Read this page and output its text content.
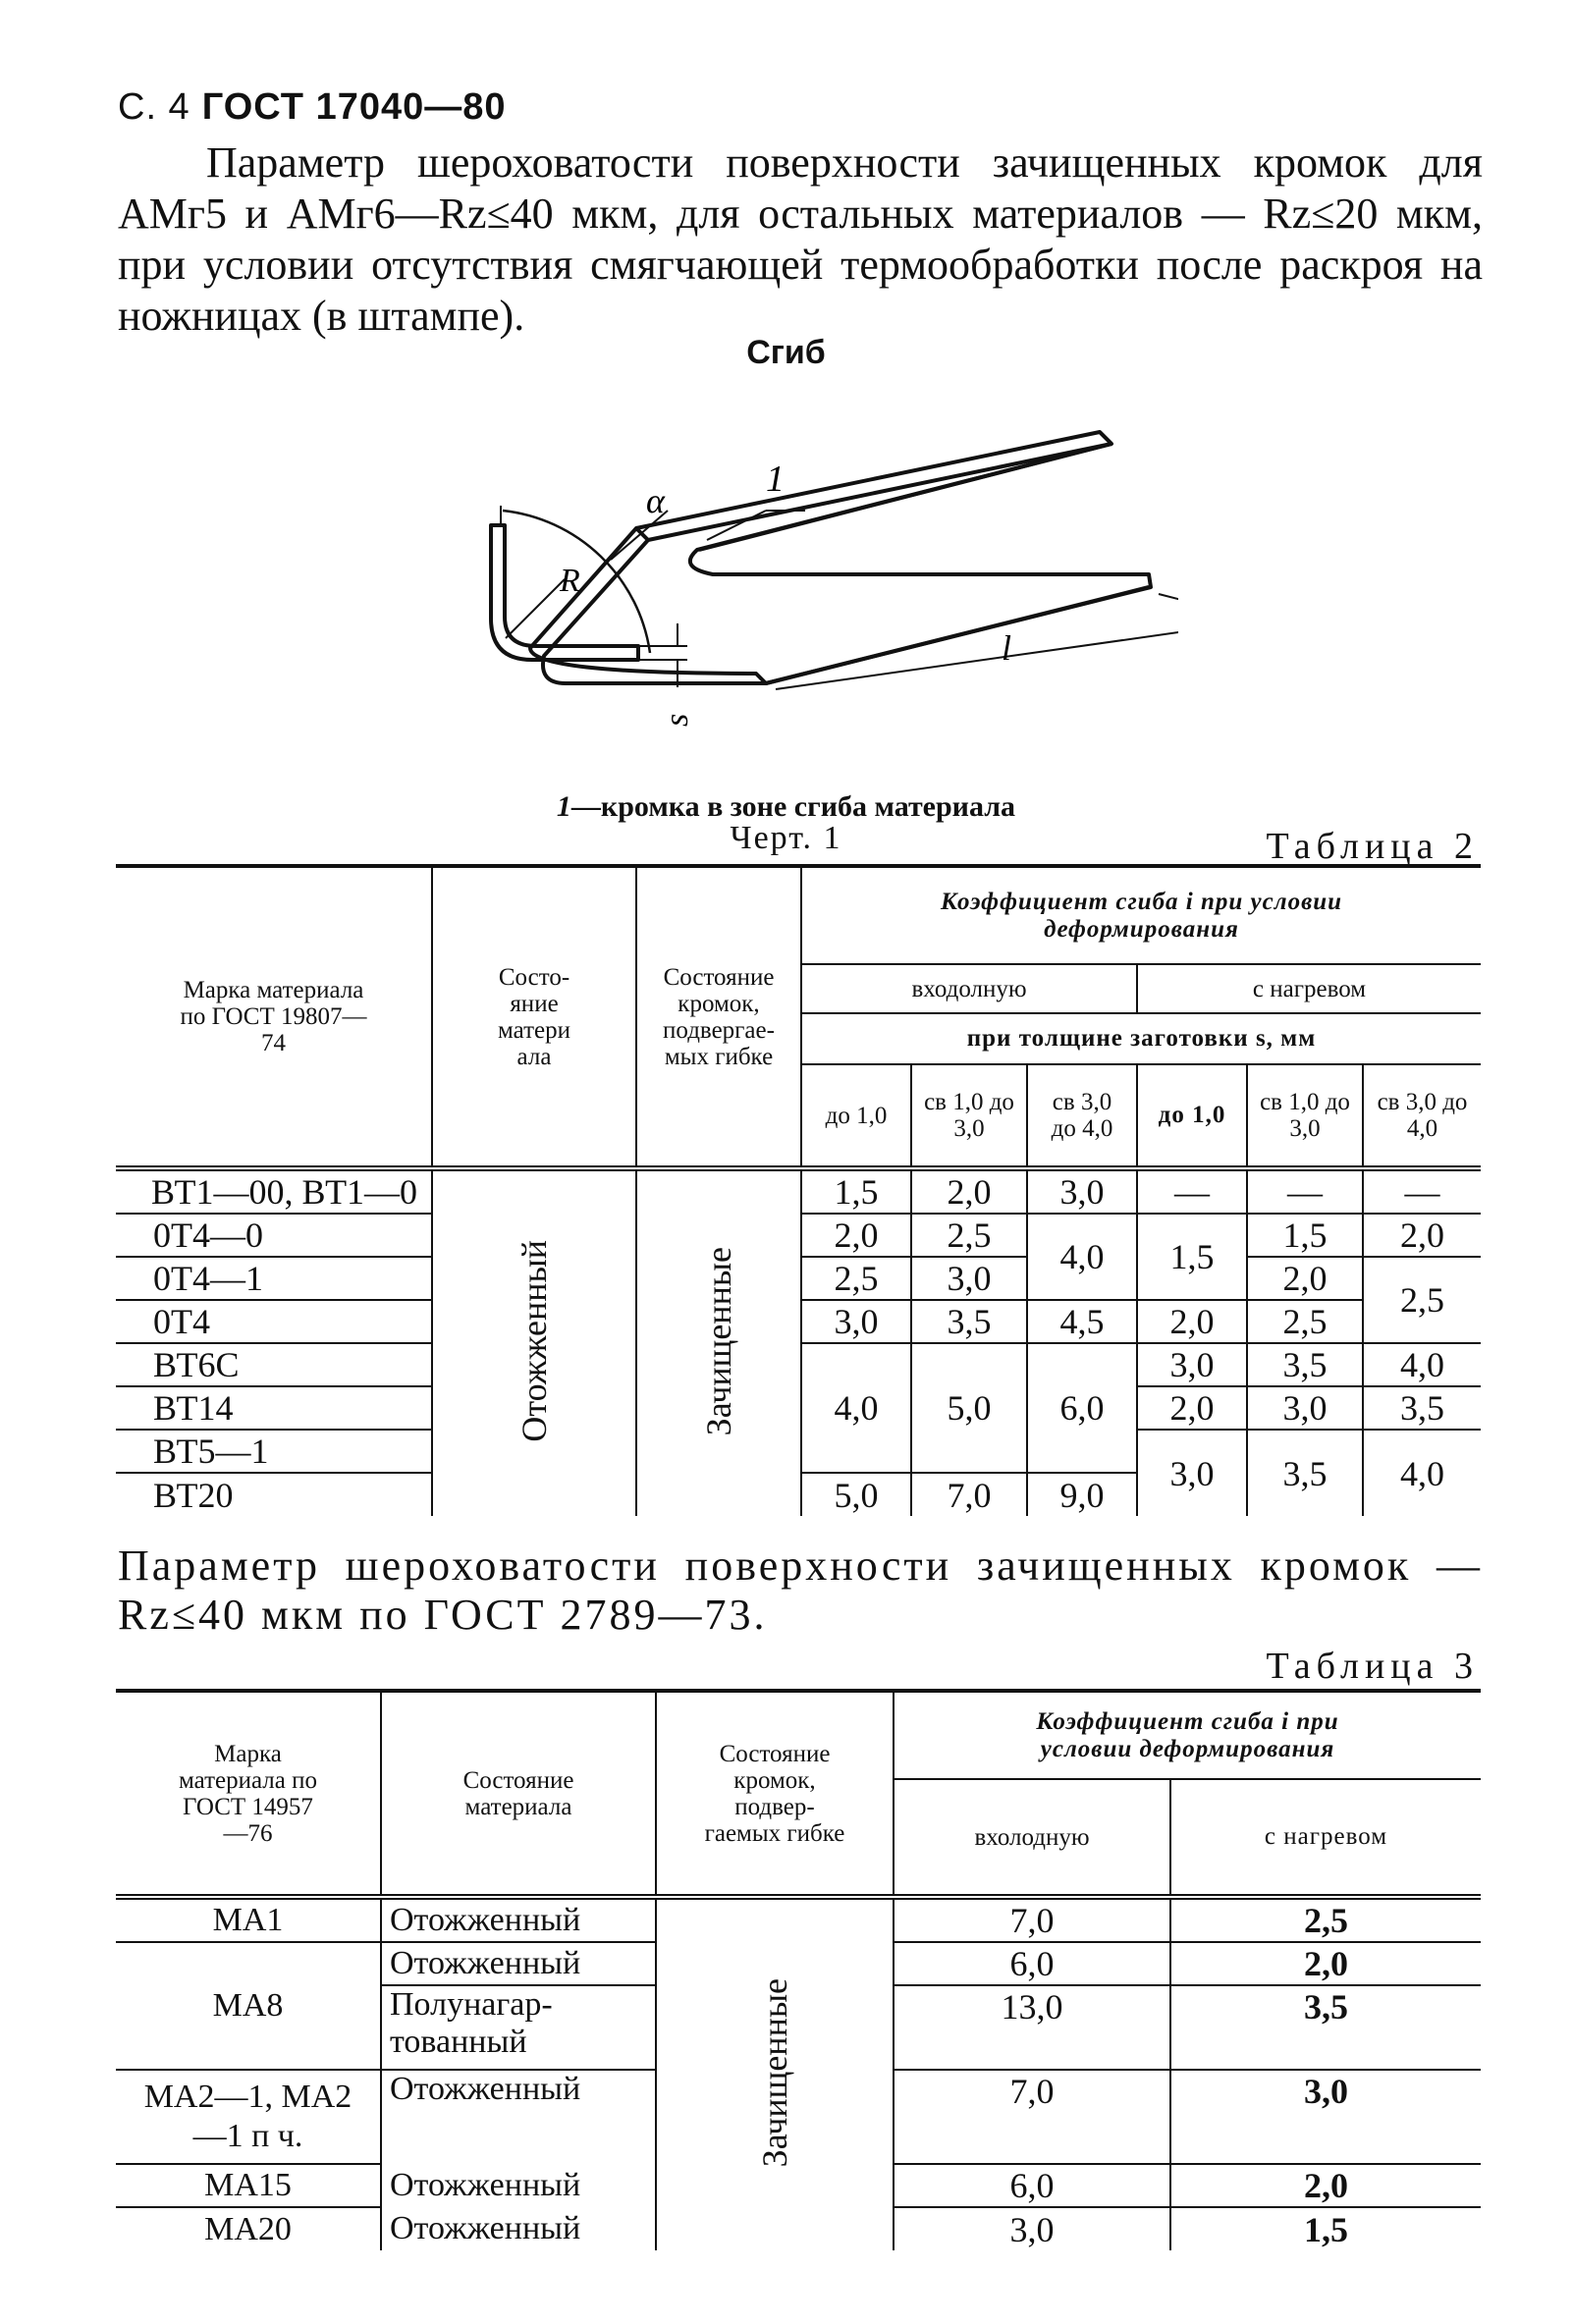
С. 4 ГОСТ 17040—80
Параметр шероховатости поверхности зачищенных кромок для АМг5 и АМг6—Rz≤40 мкм, для остальных материалов — Rz≤20 мкм, при условии отсутствия смягчающей термообработки после раскроя на ножницах (в штампе).
Сгиб
α
R
s
1
l
1—кромка в зоне сгиба материала
Черт. 1	Таблица 2
Марка материала по ГОСТ 19807—74	Состо-яние матери ала	Состояние кромок, подвергае-мых гибке	Коэффициент сгиба i при условии деформирования					
			входолную			с нагревом		
			при толщине заготовки s, мм					
			до 1,0	св 1,0 до 3,0	св 3,0 до 4,0	до 1,0	св 1,0 до 3,0	св 3,0 до 4,0
ВТ1—00, ВТ1—0	Отожженный	Зачищенные	1,5	2,0	3,0	—	—	—
0Т4—0			2,0	2,5	4,0	1,5	1,5	2,0
0Т4—1			2,5	3,0			2,0	2,5
0Т4			3,0	3,5	4,5	2,0	2,5	
ВТ6С			4,0	5,0	6,0	3,0	3,5	4,0
ВТ14						2,0	3,0	3,5
ВТ5—1						3,0	3,5	4,0
ВТ20			5,0	7,0	9,0			
Параметр шероховатости поверхности зачищенных кромок — Rz≤40 мкм по ГОСТ 2789—73.
Таблица 3
Марка материала по ГОСТ 14957—76	Состояние материала	Состояние кромок, подвер-гаемых гибке	Коэффициент сгиба i при условии деформирования	
			вхолодную	с нагревом
МА1	Отожженный	Зачищенные	7,0	2,5
МА8	Отожженный		6,0	2,0
	Полунагар-тованный		13,0	3,5
МА2—1, МА2—1 п ч.	Отожженный		7,0	3,0
МА15	Отожженный		6,0	2,0
МА20	Отожженный		3,0	1,5
